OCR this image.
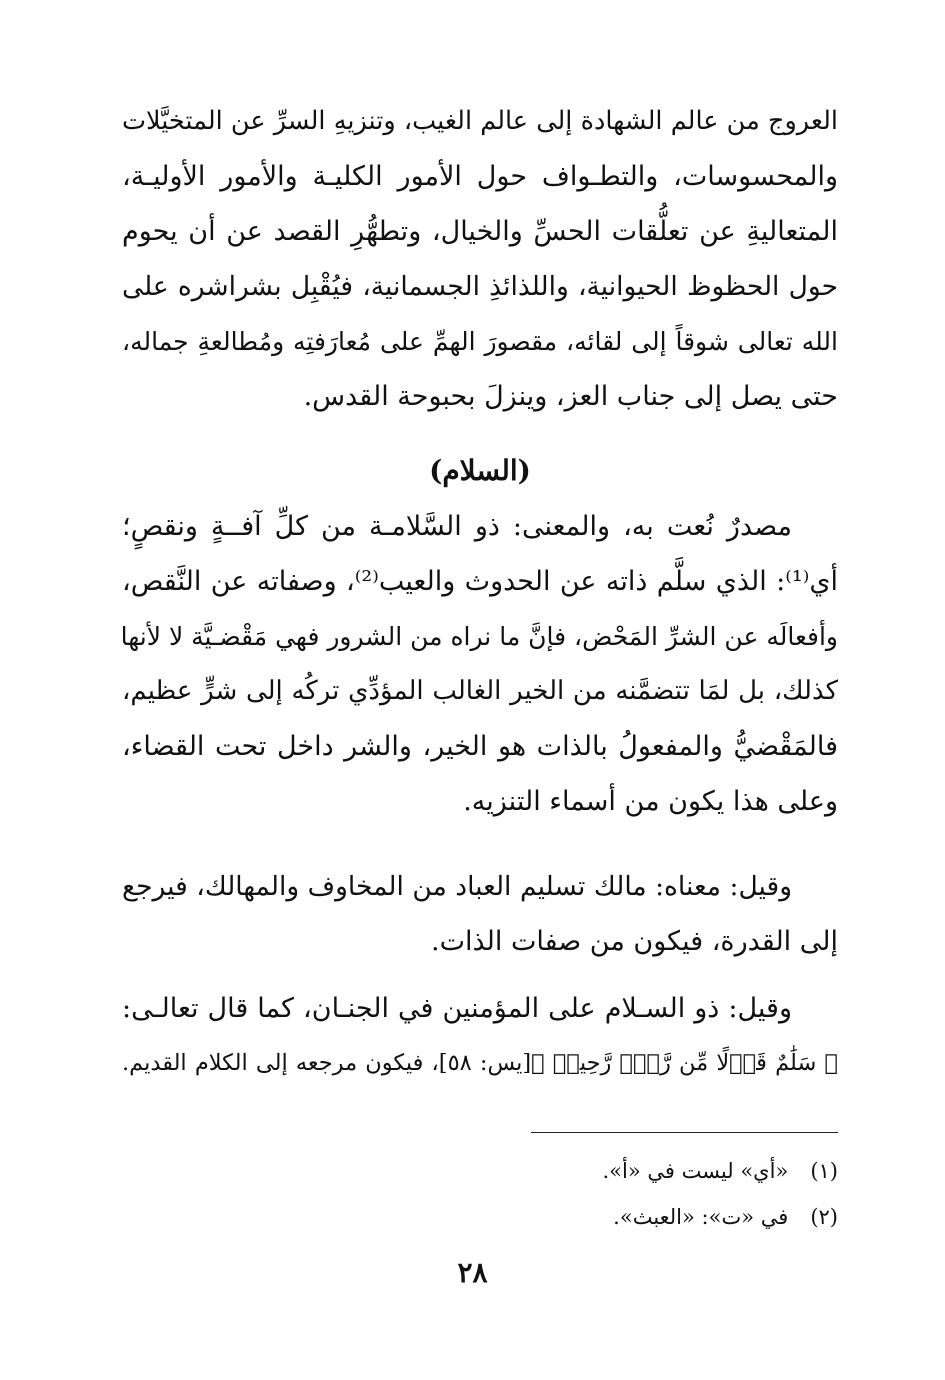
العروج من عالم الشهادة إلى عالم الغيب، وتنزيهِ السرِّ عن المتخيَّلات
والمحسوسات، والتطـواف حول الأمور الكليـة والأمور الأوليـة،
المتعاليةِ عن تعلُّقات الحسِّ والخيال، وتطهُّرِ القصد عن أن يحوم
حول الحظوظ الحيوانية، واللذائذِ الجسمانية، فيُقْبِل بشراشره على
الله تعالى شوقاً إلى لقائه، مقصورَ الهمِّ على مُعارَفتِه ومُطالعةِ جماله،
حتى يصل إلى جناب العز، وينزلَ بحبوحة القدس.
(السلام)
مصدرٌ نُعت به، والمعنى: ذو السَّلامـة من كلِّ آفــةٍ ونقصٍ؛
أي⁽¹⁾: الذي سلَّم ذاته عن الحدوث والعيب⁽²⁾، وصفاته عن النَّقص،
وأفعالَه عن الشرِّ المَحْض، فإنَّ ما نراه من الشرور فهي مَقْضـيَّة لا لأنها
كذلك، بل لمَا تتضمَّنه من الخير الغالب المؤدِّي تركُه إلى شرٍّ عظيم،
فالمَقْضيُّ والمفعولُ بالذات هو الخير، والشر داخل تحت القضاء،
وعلى هذا يكون من أسماء التنزيه.
وقيل: معناه: مالك تسليم العباد من المخاوف والمهالك، فيرجع
إلى القدرة، فيكون من صفات الذات.
وقيل: ذو السـلام على المؤمنين في الجنـان، كما قال تعالـى:
﴿ سَلَٰمٌ قَوۡلًا مِّن رَّبّٖ رَّحِيمٖ ﴾[يس: ٥٨]، فيكون مرجعه إلى الكلام القديم.
(١)«أي» ليست في «أ».
(٢)في «ت»: «العبث».
٢٨
